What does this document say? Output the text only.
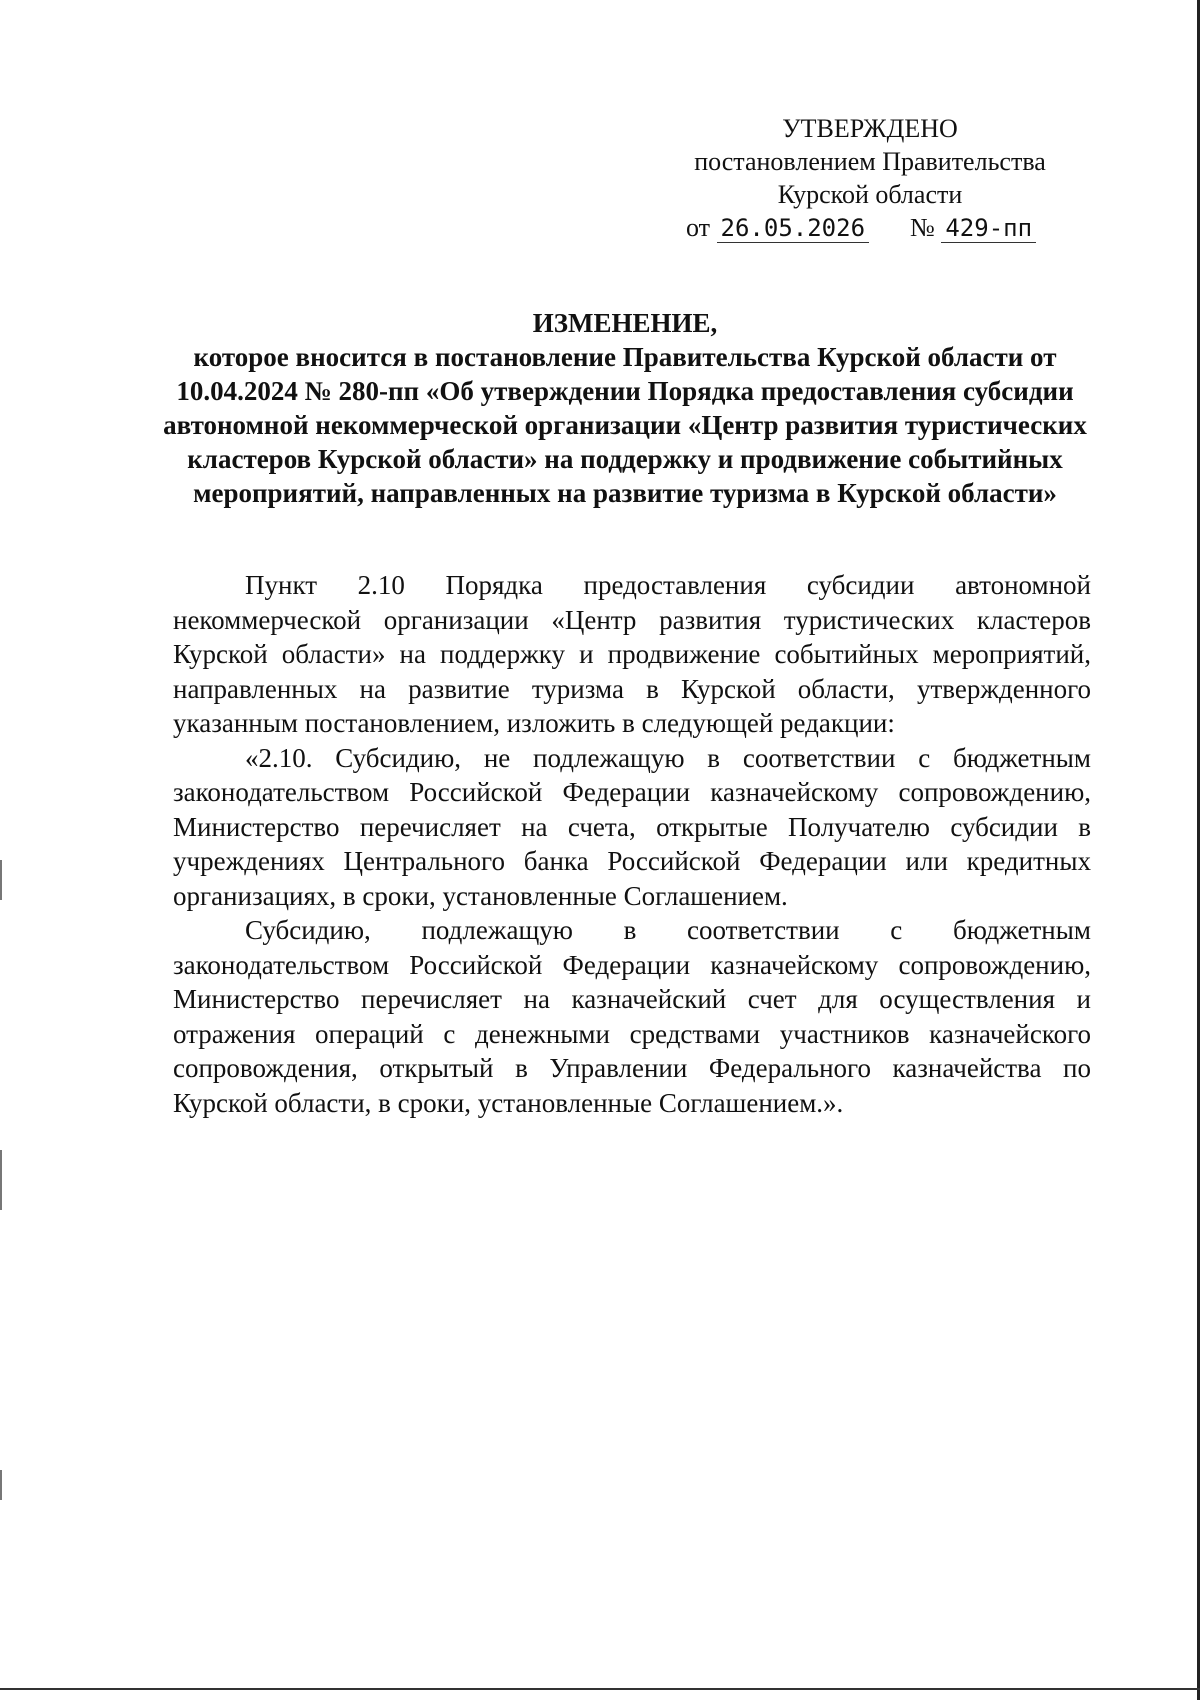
УТВЕРЖДЕНО
постановлением Правительства
Курской области
от 26.05.2026 № 429-пп
ИЗМЕНЕНИЕ,
которое вносится в постановление Правительства Курской области от 10.04.2024 № 280-пп «Об утверждении Порядка предоставления субсидии автономной некоммерческой организации «Центр развития туристических кластеров Курской области» на поддержку и продвижение событийных мероприятий, направленных на развитие туризма в Курской области»

Пункт 2.10 Порядка предоставления субсидии автономной некоммерческой организации «Центр развития туристических кластеров Курской области» на поддержку и продвижение событийных мероприятий, направленных на развитие туризма в Курской области, утвержденного указанным постановлением, изложить в следующей редакции:

«2.10. Субсидию, не подлежащую в соответствии с бюджетным законодательством Российской Федерации казначейскому сопровождению, Министерство перечисляет на счета, открытые Получателю субсидии в учреждениях Центрального банка Российской Федерации или кредитных организациях, в сроки, установленные Соглашением.

Субсидию, подлежащую в соответствии с бюджетным законодательством Российской Федерации казначейскому сопровождению, Министерство перечисляет на казначейский счет для осуществления и отражения операций с денежными средствами участников казначейского сопровождения, открытый в Управлении Федерального казначейства по Курской области, в сроки, установленные Соглашением.».
